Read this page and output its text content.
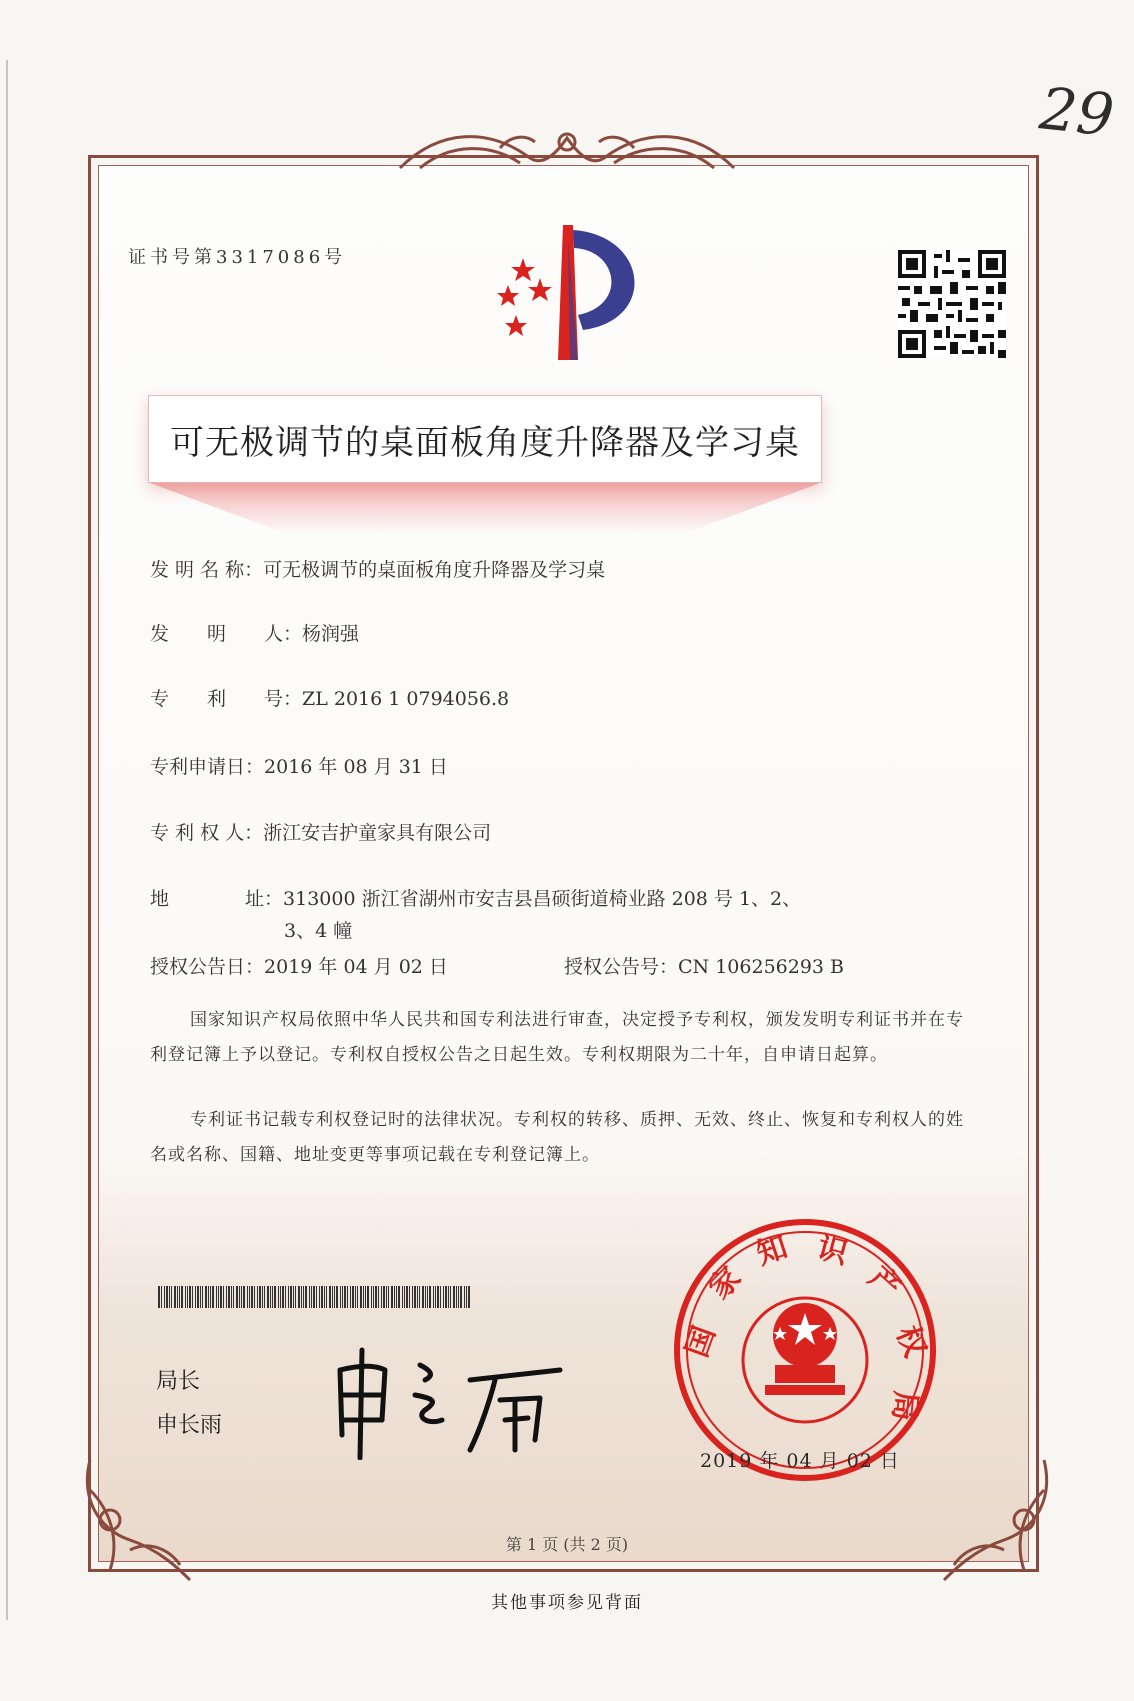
29
证书号第3317086号
可无极调节的桌面板角度升降器及学习桌
发 明 名 称：可无极调节的桌面板角度升降器及学习桌
发　　明　　人：杨润强
专　　利　　号：ZL 2016 1 0794056.8
专利申请日：2016 年 08 月 31 日
专 利 权 人：浙江安吉护童家具有限公司
地　　　　址：313000 浙江省湖州市安吉县昌硕街道椅业路 208 号 1、2、
3、4 幢
授权公告日：2019 年 04 月 02 日	授权公告号：CN 106256293 B
国家知识产权局依照中华人民共和国专利法进行审查，决定授予专利权，颁发发明专利证书并在专利登记簿上予以登记。专利权自授权公告之日起生效。专利权期限为二十年，自申请日起算。
专利证书记载专利权登记时的法律状况。专利权的转移、质押、无效、终止、恢复和专利权人的姓名或名称、国籍、地址变更等事项记载在专利登记簿上。
局长
申长雨
国
家
知 识
产
权
局
2019 年 04 月 02 日
第 1 页 (共 2 页)
其他事项参见背面
